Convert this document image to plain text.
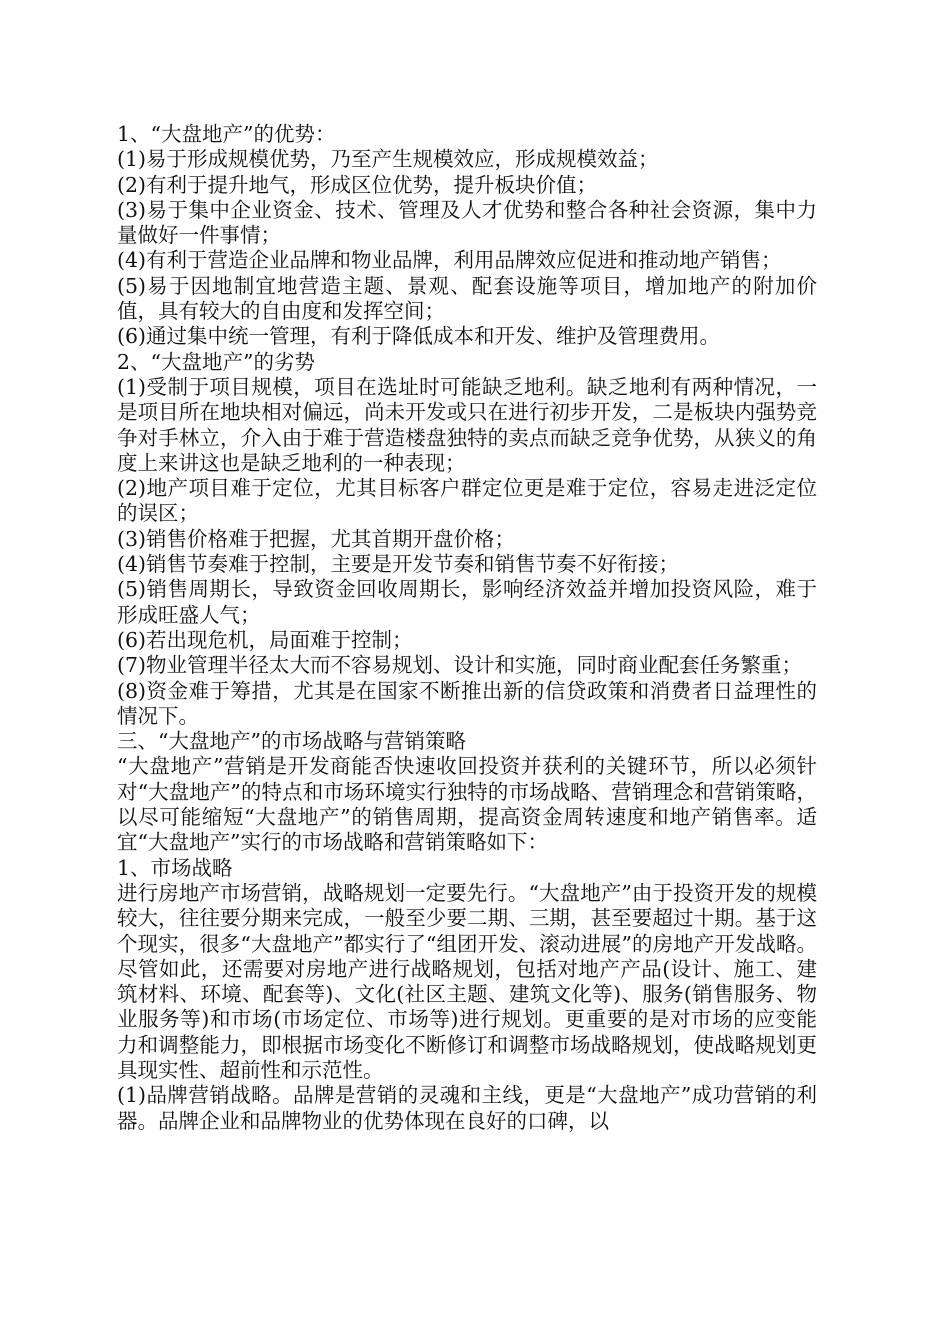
1、“大盘地产”的优势：
(1)易于形成规模优势，乃至产生规模效应，形成规模效益；
(2)有利于提升地气，形成区位优势，提升板块价值；
(3)易于集中企业资金、技术、管理及人才优势和整合各种社会资源，集中力量做好一件事情；
(4)有利于营造企业品牌和物业品牌，利用品牌效应促进和推动地产销售；
(5)易于因地制宜地营造主题、景观、配套设施等项目，增加地产的附加价值，具有较大的自由度和发挥空间；
(6)通过集中统一管理，有利于降低成本和开发、维护及管理费用。
2、“大盘地产”的劣势
(1)受制于项目规模，项目在选址时可能缺乏地利。缺乏地利有两种情况，一是项目所在地块相对偏远，尚未开发或只在进行初步开发，二是板块内强势竞争对手林立，介入由于难于营造楼盘独特的卖点而缺乏竞争优势，从狭义的角度上来讲这也是缺乏地利的一种表现；
(2)地产项目难于定位，尤其目标客户群定位更是难于定位，容易走进泛定位的误区；
(3)销售价格难于把握，尤其首期开盘价格；
(4)销售节奏难于控制，主要是开发节奏和销售节奏不好衔接；
(5)销售周期长，导致资金回收周期长，影响经济效益并增加投资风险，难于形成旺盛人气；
(6)若出现危机，局面难于控制；
(7)物业管理半径太大而不容易规划、设计和实施，同时商业配套任务繁重；
(8)资金难于筹措，尤其是在国家不断推出新的信贷政策和消费者日益理性的情况下。
三、“大盘地产”的市场战略与营销策略
“大盘地产”营销是开发商能否快速收回投资并获利的关键环节，所以必须针对“大盘地产”的特点和市场环境实行独特的市场战略、营销理念和营销策略，以尽可能缩短“大盘地产”的销售周期，提高资金周转速度和地产销售率。适宜“大盘地产”实行的市场战略和营销策略如下：
1、市场战略
进行房地产市场营销，战略规划一定要先行。“大盘地产”由于投资开发的规模较大，往往要分期来完成，一般至少要二期、三期，甚至要超过十期。基于这个现实，很多“大盘地产”都实行了“组团开发、滚动进展”的房地产开发战略。尽管如此，还需要对房地产进行战略规划，包括对地产产品(设计、施工、建筑材料、环境、配套等)、文化(社区主题、建筑文化等)、服务(销售服务、物业服务等)和市场(市场定位、市场等)进行规划。更重要的是对市场的应变能力和调整能力，即根据市场变化不断修订和调整市场战略规划，使战略规划更具现实性、超前性和示范性。
(1)品牌营销战略。品牌是营销的灵魂和主线，更是“大盘地产”成功营销的利器。品牌企业和品牌物业的优势体现在良好的口碑，以
